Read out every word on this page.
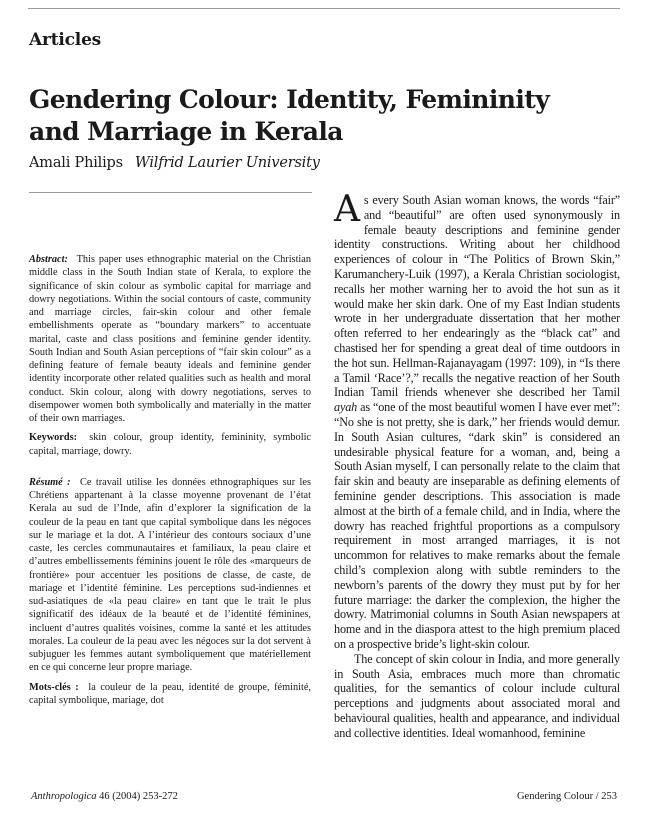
Articles
Gendering Colour: Identity, Femininity
and Marriage in Kerala
Amali Philips Wilfrid Laurier University

Abstract: This paper uses ethnographic material on the Christian middle class in the South Indian state of Kerala, to explore the significance of skin colour as symbolic capital for marriage and dowry negotiations. Within the social contours of caste, community and marriage circles, fair-skin colour and other female embellishments operate as “boundary markers” to accentuate marital, caste and class positions and feminine gender identity. South Indian and South Asian perceptions of “fair skin colour” as a defining feature of female beauty ideals and feminine gender identity incorporate other related qualities such as health and moral conduct. Skin colour, along with dowry negotiations, serves to disempower women both symbolically and materially in the matter of their own marriages.

Keywords: skin colour, group identity, femininity, symbolic capital, marriage, dowry.

Résumé : Ce travail utilise les données ethnographiques sur les Chrétiens appartenant à la classe moyenne provenant de l’état Kerala au sud de l’Inde, afin d’explorer la signification de la couleur de la peau en tant que capital symbolique dans les négoces sur le mariage et la dot. A l’intérieur des contours sociaux d’une caste, les cercles communautaires et familiaux, la peau claire et d’autres embellissements féminins jouent le rôle des «marqueurs de frontière» pour accentuer les positions de classe, de caste, de mariage et l’identité féminine. Les perceptions sud-indiennes et sud-asiatiques de «la peau claire» en tant que le trait le plus significatif des idéaux de la beauté et de l’identité féminines, incluent d’autres qualités voisines, comme la santé et les attitudes morales. La couleur de la peau avec les négoces sur la dot servent à subjuguer les femmes autant symboliquement que matériellement en ce qui concerne leur propre mariage.

Mots-clés : la couleur de la peau, identité de groupe, féminité, capital symbolique, mariage, dot

As every South Asian woman knows, the words “fair” and “beautiful” are often used synonymously in female beauty descriptions and feminine gender identity constructions. Writing about her childhood experiences of colour in “The Politics of Brown Skin,” Karumanchery-Luik (1997), a Kerala Christian sociologist, recalls her mother warning her to avoid the hot sun as it would make her skin dark. One of my East Indian students wrote in her undergraduate dissertation that her mother often referred to her endearingly as the “black cat” and chastised her for spending a great deal of time outdoors in the hot sun. Hellman-Rajanayagam (1997: 109), in “Is there a Tamil ‘Race’?,” recalls the negative reaction of her South Indian Tamil friends whenever she described her Tamil ayah as “one of the most beautiful women I have ever met”: “No she is not pretty, she is dark,” her friends would demur. In South Asian cultures, “dark skin” is considered an undesirable physical feature for a woman, and, being a South Asian myself, I can personally relate to the claim that fair skin and beauty are inseparable as defining elements of feminine gender descriptions. This association is made almost at the birth of a female child, and in India, where the dowry has reached frightful proportions as a compulsory requirement in most arranged marriages, it is not uncommon for relatives to make remarks about the female child’s complexion along with subtle reminders to the newborn’s parents of the dowry they must put by for her future marriage: the darker the complexion, the higher the dowry. Matrimonial columns in South Asian newspapers at home and in the diaspora attest to the high premium placed on a prospective bride’s light-skin colour.

The concept of skin colour in India, and more generally in South Asia, embraces much more than chromatic qualities, for the semantics of colour include cultural perceptions and judgments about associated moral and behavioural qualities, health and appearance, and individual and collective identities. Ideal womanhood, feminine

Anthropologica 46 (2004) 253-272	Gendering Colour / 253
